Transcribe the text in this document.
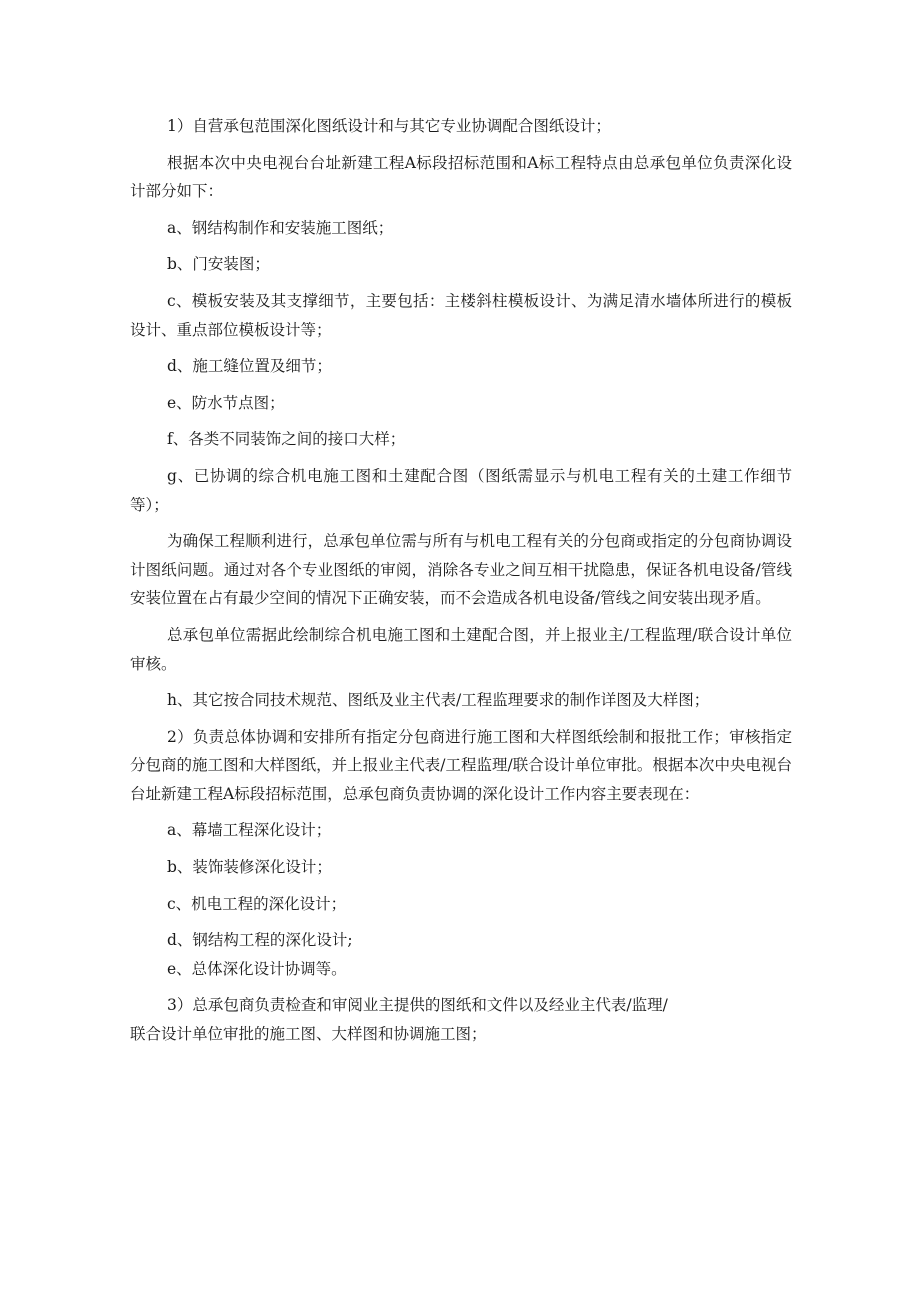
1）自营承包范围深化图纸设计和与其它专业协调配合图纸设计；

根据本次中央电视台台址新建工程A标段招标范围和A标工程特点由总承包单位负责深化设计部分如下：

a、钢结构制作和安装施工图纸；

b、门安装图；

c、模板安装及其支撑细节，主要包括：主楼斜柱模板设计、为满足清水墙体所进行的模板设计、重点部位模板设计等；

d、施工缝位置及细节；

e、防水节点图；

f、各类不同装饰之间的接口大样；

g、已协调的综合机电施工图和土建配合图（图纸需显示与机电工程有关的土建工作细节等）；

为确保工程顺利进行，总承包单位需与所有与机电工程有关的分包商或指定的分包商协调设计图纸问题。通过对各个专业图纸的审阅，消除各专业之间互相干扰隐患，保证各机电设备/管线安装位置在占有最少空间的情况下正确安装，而不会造成各机电设备/管线之间安装出现矛盾。

总承包单位需据此绘制综合机电施工图和土建配合图，并上报业主/工程监理/联合设计单位审核。

h、其它按合同技术规范、图纸及业主代表/工程监理要求的制作详图及大样图；

2）负责总体协调和安排所有指定分包商进行施工图和大样图纸绘制和报批工作；审核指定分包商的施工图和大样图纸，并上报业主代表/工程监理/联合设计单位审批。根据本次中央电视台台址新建工程A标段招标范围，总承包商负责协调的深化设计工作内容主要表现在：

a、幕墙工程深化设计；

b、装饰装修深化设计；

c、机电工程的深化设计；

d、钢结构工程的深化设计;

e、总体深化设计协调等。

3）总承包商负责检查和审阅业主提供的图纸和文件以及经业主代表/监理/

联合设计单位审批的施工图、大样图和协调施工图；
